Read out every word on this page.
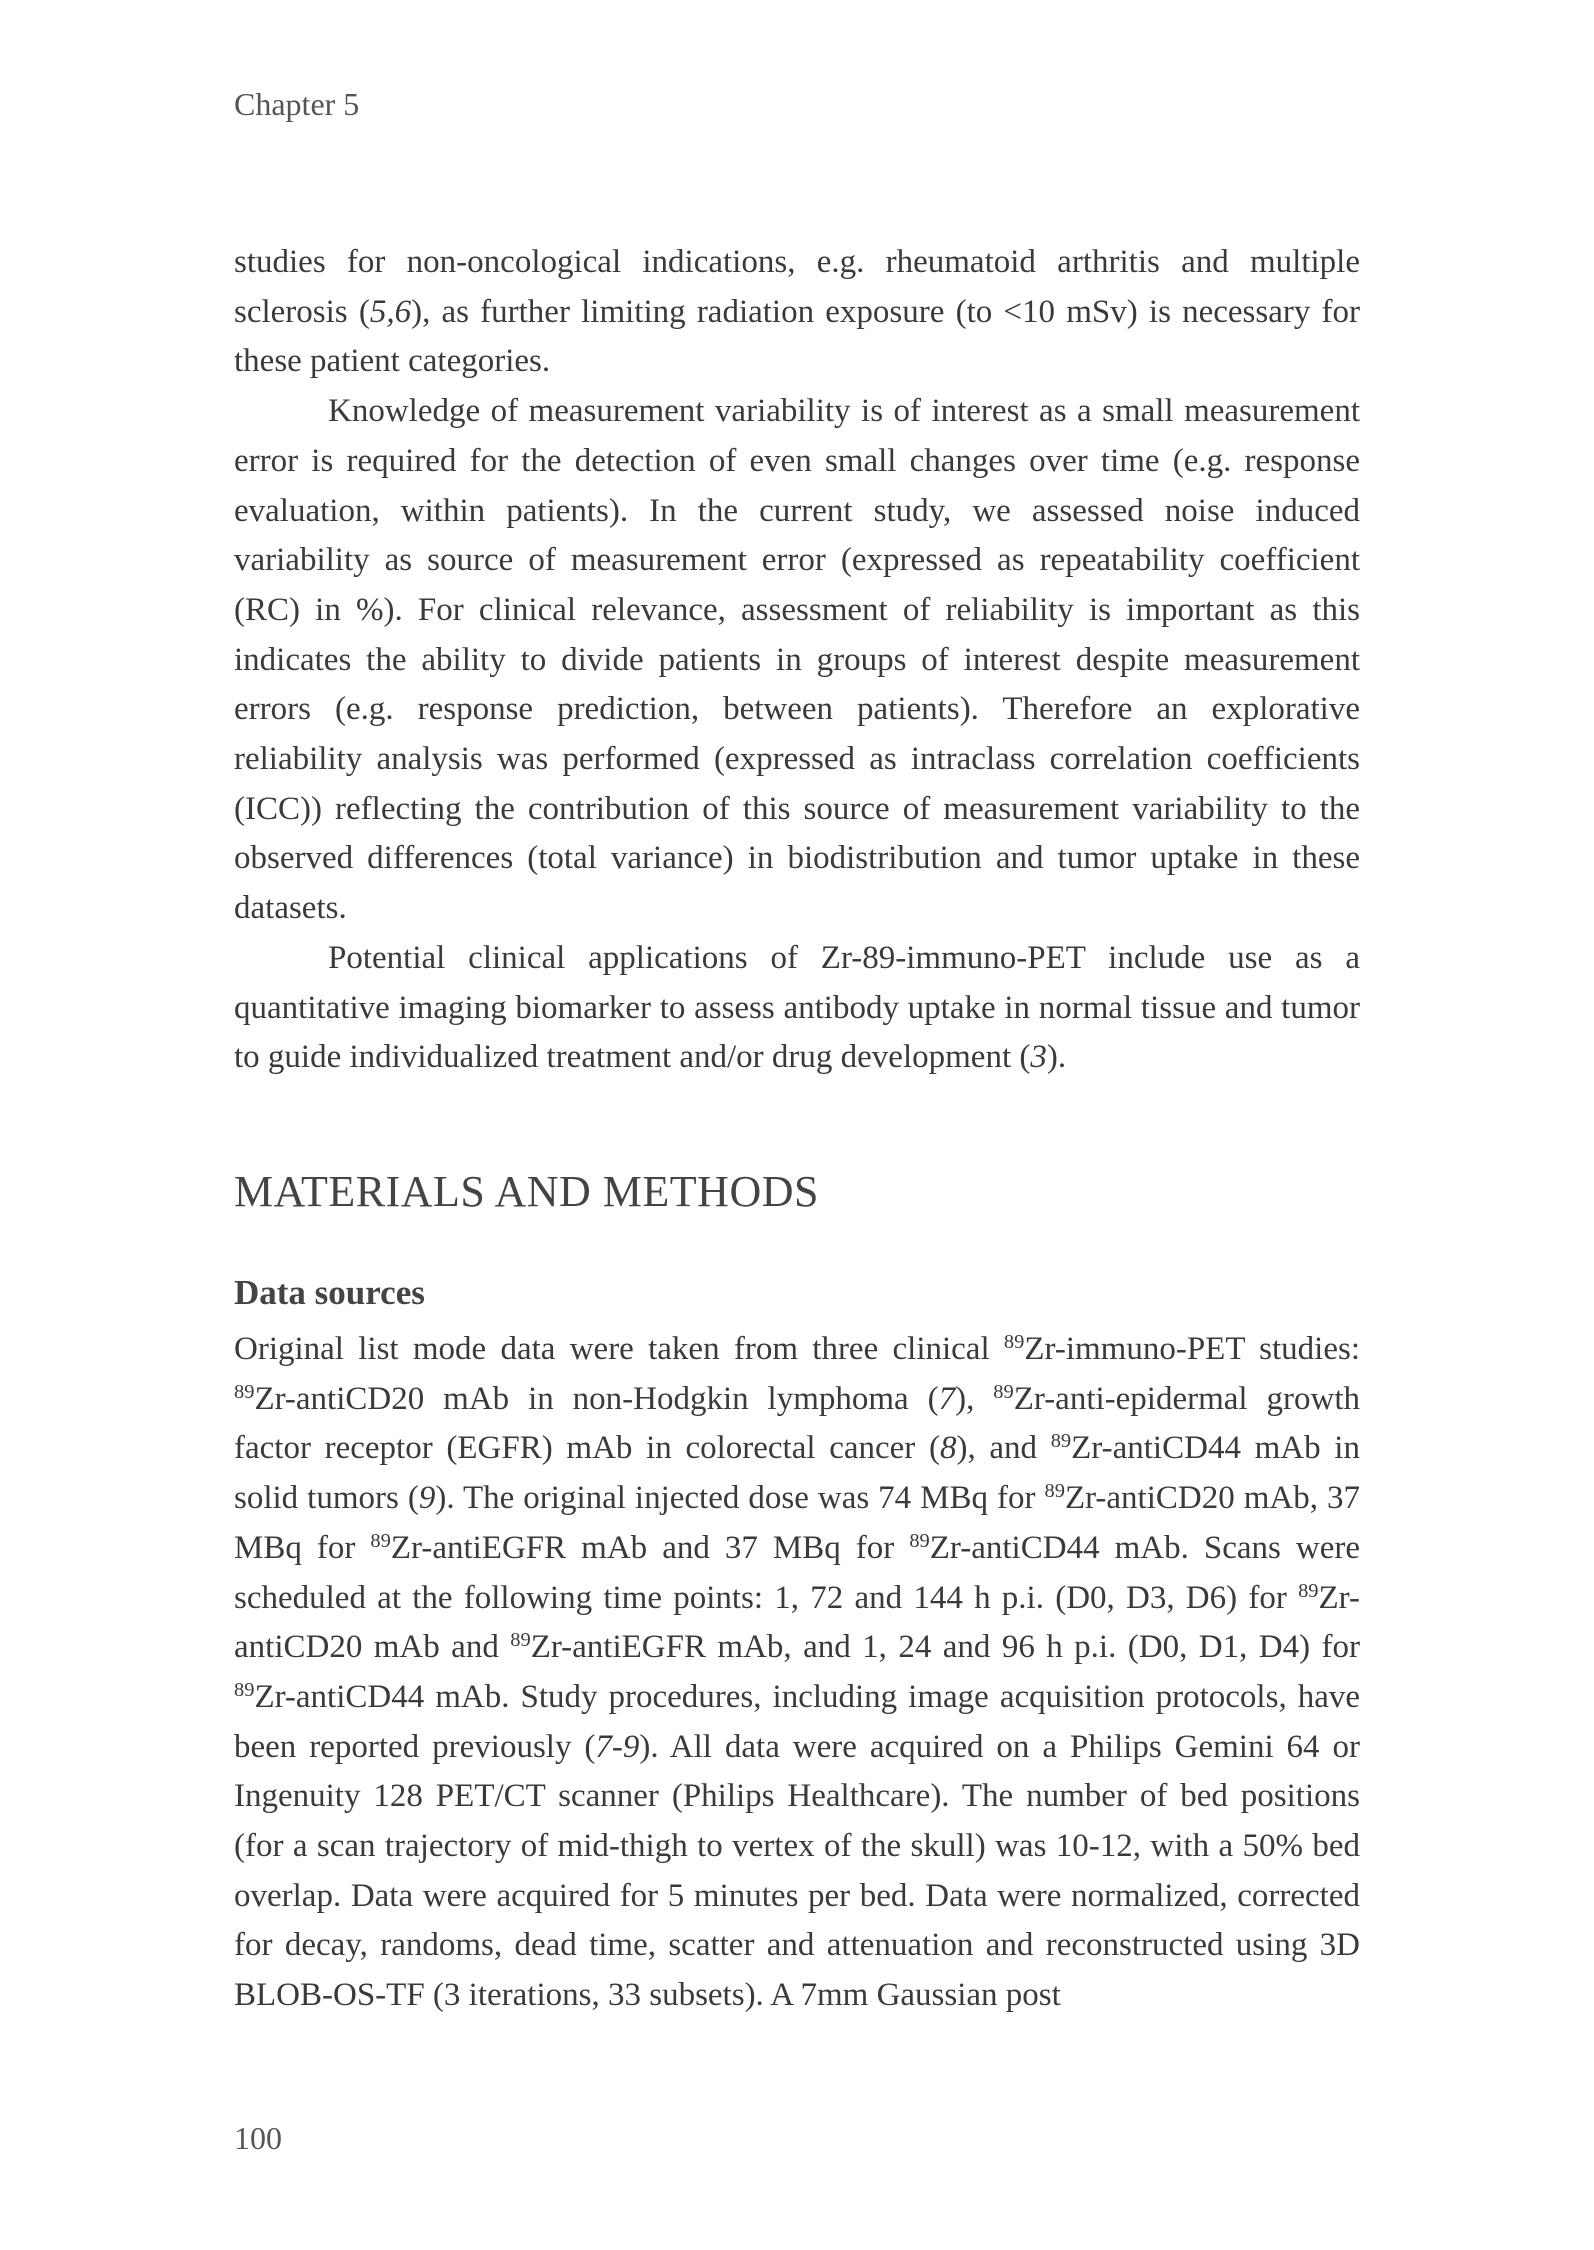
Chapter 5

studies for non-oncological indications, e.g. rheumatoid arthritis and multiple sclerosis (5,6), as further limiting radiation exposure (to <10 mSv) is necessary for these patient categories.

Knowledge of measurement variability is of interest as a small measurement error is required for the detection of even small changes over time (e.g. response evaluation, within patients). In the current study, we assessed noise induced variability as source of measurement error (expressed as repeatability coefficient (RC) in %). For clinical relevance, assessment of reliability is important as this indicates the ability to divide patients in groups of interest despite measurement errors (e.g. response prediction, between patients). Therefore an explorative reliability analysis was performed (expressed as intraclass correlation coefficients (ICC)) reflecting the contribution of this source of measurement variability to the observed differences (total variance) in biodistribution and tumor uptake in these datasets.

Potential clinical applications of Zr-89-immuno-PET include use as a quantitative imaging biomarker to assess antibody uptake in normal tissue and tumor to guide individualized treatment and/or drug development (3).

MATERIALS AND METHODS
Data sources

Original list mode data were taken from three clinical $^{89}$Zr-immuno-PET studies: $^{89}$Zr-antiCD20 mAb in non-Hodgkin lymphoma (7), $^{89}$Zr-anti-epidermal growth factor receptor (EGFR) mAb in colorectal cancer (8), and $^{89}$Zr-antiCD44 mAb in solid tumors (9). The original injected dose was 74 MBq for $^{89}$Zr-antiCD20 mAb, 37 MBq for $^{89}$Zr-antiEGFR mAb and 37 MBq for $^{89}$Zr-antiCD44 mAb. Scans were scheduled at the following time points: 1, 72 and 144 h p.i. (D0, D3, D6) for $^{89}$Zr-antiCD20 mAb and $^{89}$Zr-antiEGFR mAb, and 1, 24 and 96 h p.i. (D0, D1, D4) for $^{89}$Zr-antiCD44 mAb. Study procedures, including image acquisition protocols, have been reported previously (7-9). All data were acquired on a Philips Gemini 64 or Ingenuity 128 PET/CT scanner (Philips Healthcare). The number of bed positions (for a scan trajectory of mid-thigh to vertex of the skull) was 10-12, with a 50% bed overlap. Data were acquired for 5 minutes per bed. Data were normalized, corrected for decay, randoms, dead time, scatter and attenuation and reconstructed using 3D BLOB-OS-TF (3 iterations, 33 subsets). A 7mm Gaussian post

100
